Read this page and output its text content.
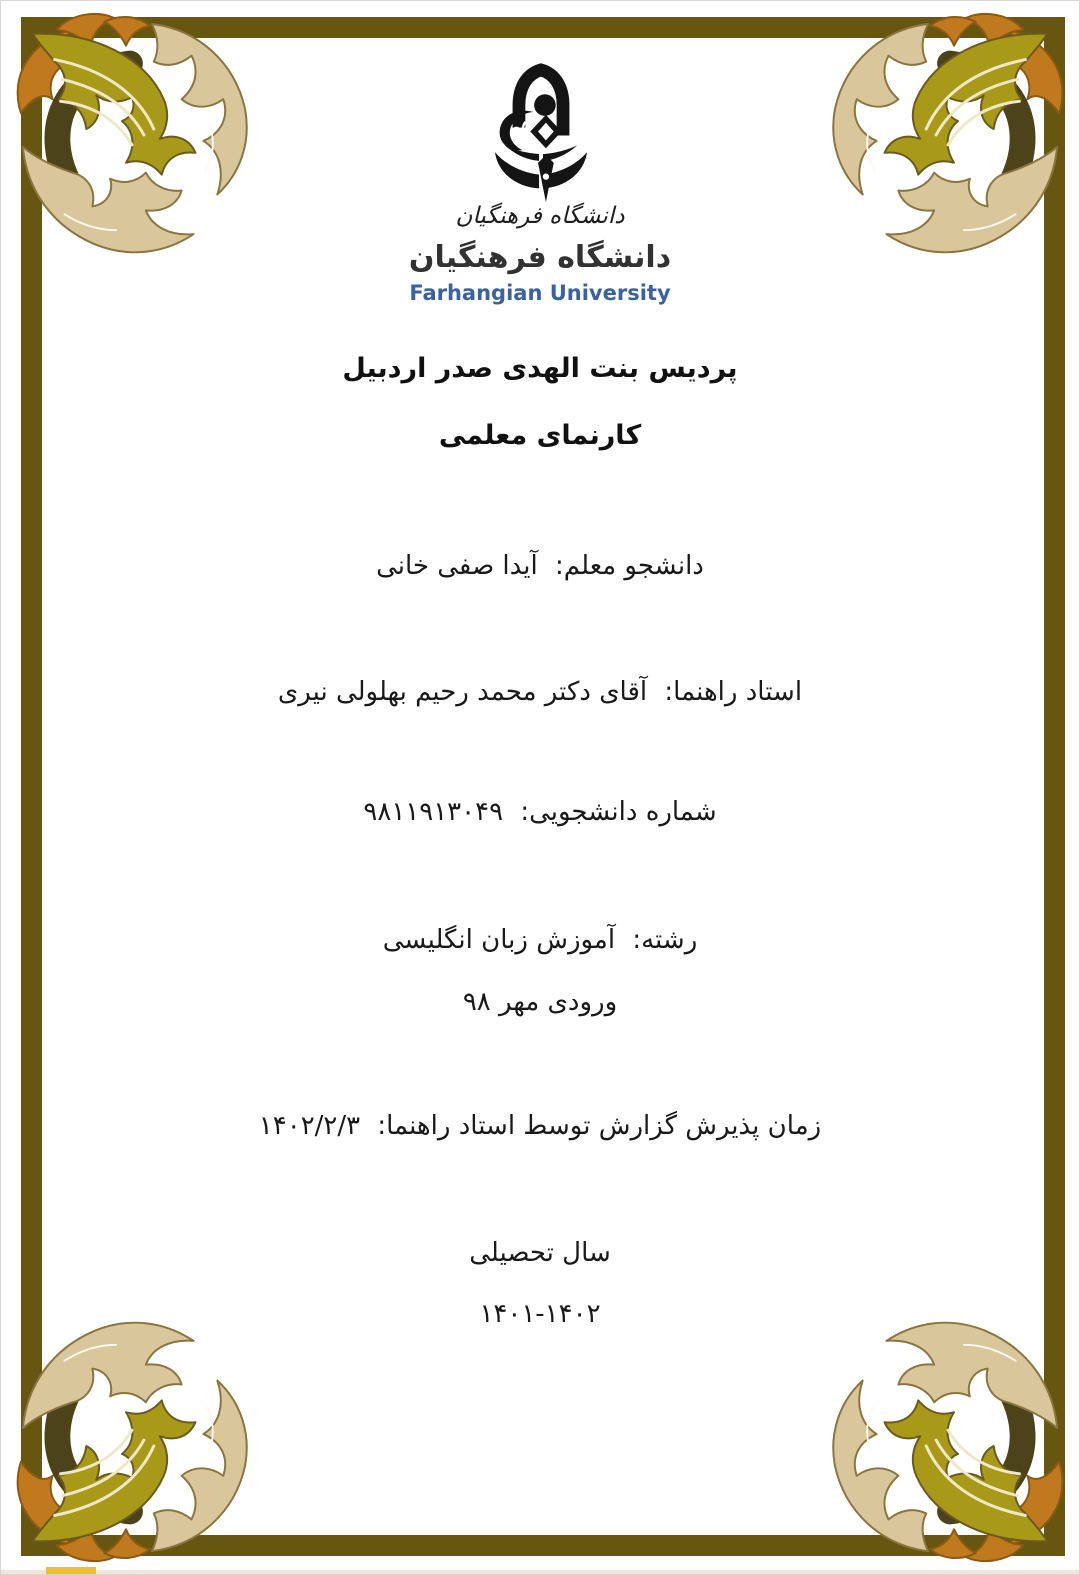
دانشگاه فرهنگیان
دانشگاه فرهنگیان
Farhangian University
پردیس بنت الهدی صدر اردبیل
کارنمای معلمی
دانشجو معلم: آیدا صفی خانی
استاد راهنما: آقای دکتر محمد رحیم بهلولی نیری
شماره دانشجویی: ۹۸۱۱۹۱۳۰۴۹
رشته: آموزش زبان انگلیسی
ورودی مهر ۹۸
زمان پذیرش گزارش توسط استاد راهنما: ۱۴۰۲/۲/۳
سال تحصیلی
۱۴۰۱-۱۴۰۲
